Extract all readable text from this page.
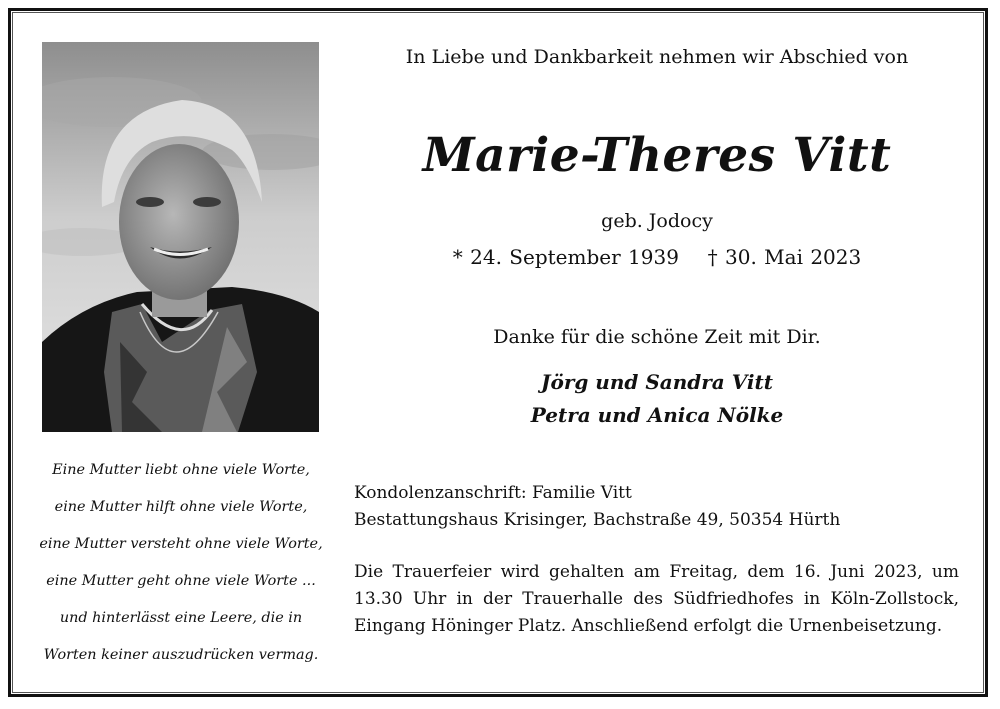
Eine Mutter liebt ohne viele Worte,
eine Mutter hilft ohne viele Worte,
eine Mutter versteht ohne viele Worte,
eine Mutter geht ohne viele Worte ...
und hinterlässt eine Leere, die in
Worten keiner auszudrücken vermag.
In Liebe und Dankbarkeit nehmen wir Abschied von
Marie-Theres Vitt
geb. Jodocy
* 24. September 1939 † 30. Mai 2023
Danke für die schöne Zeit mit Dir.
Jörg und Sandra Vitt
Petra und Anica Nölke
Kondolenzanschrift: Familie Vitt
Bestattungshaus Krisinger, Bachstraße 49, 50354 Hürth
Die Trauerfeier wird gehalten am Freitag, dem 16. Juni 2023, um 13.30 Uhr in der Trauerhalle des Südfriedhofes in Köln-Zollstock, Eingang Höninger Platz. Anschließend erfolgt die Urnenbeisetzung.
